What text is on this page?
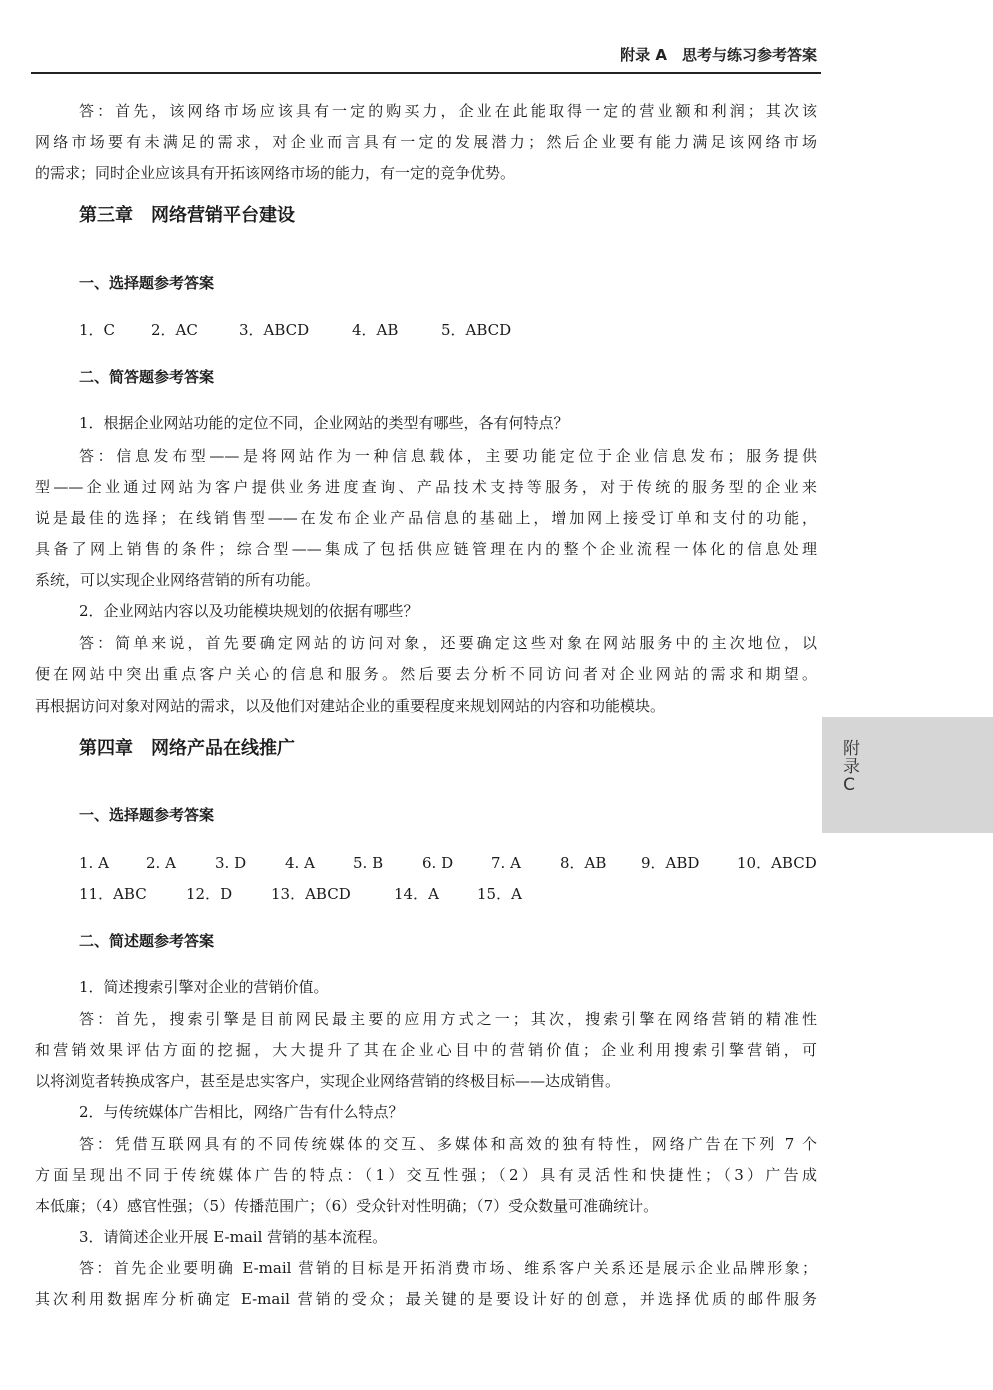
附录 A　思考与练习参考答案
答：首先，该网络市场应该具有一定的购买力，企业在此能取得一定的营业额和利润；其次该
网络市场要有未满足的需求，对企业而言具有一定的发展潜力；然后企业要有能力满足该网络市场
的需求；同时企业应该具有开拓该网络市场的能力，有一定的竞争优势。
第三章　网络营销平台建设
一、选择题参考答案
1．C 2．AC	3．ABCD	4．AB	5．ABCD
二、简答题参考答案
1．根据企业网站功能的定位不同，企业网站的类型有哪些，各有何特点？
答：信息发布型——是将网站作为一种信息载体，主要功能定位于企业信息发布；服务提供
型——企业通过网站为客户提供业务进度查询、产品技术支持等服务，对于传统的服务型的企业来
说是最佳的选择；在线销售型——在发布企业产品信息的基础上，增加网上接受订单和支付的功能，
具备了网上销售的条件；综合型——集成了包括供应链管理在内的整个企业流程一体化的信息处理
系统，可以实现企业网络营销的所有功能。
2．企业网站内容以及功能模块规划的依据有哪些？
答：简单来说，首先要确定网站的访问对象，还要确定这些对象在网站服务中的主次地位，以
便在网站中突出重点客户关心的信息和服务。然后要去分析不同访问者对企业网站的需求和期望。
再根据访问对象对网站的需求，以及他们对建站企业的重要程度来规划网站的内容和功能模块。
第四章　网络产品在线推广
一、选择题参考答案
1. A 2. A	3. D	4. A	5. B	6. D	7. A	8．AB 9．ABD	10．ABCD
11．ABC	12．D	13．ABCD	14．A	15．A
二、简述题参考答案
1．简述搜索引擎对企业的营销价值。
答：首先，搜索引擎是目前网民最主要的应用方式之一；其次，搜索引擎在网络营销的精准性
和营销效果评估方面的挖掘，大大提升了其在企业心目中的营销价值；企业利用搜索引擎营销，可
以将浏览者转换成客户，甚至是忠实客户，实现企业网络营销的终极目标——达成销售。
2．与传统媒体广告相比，网络广告有什么特点？
答：凭借互联网具有的不同传统媒体的交互、多媒体和高效的独有特性，网络广告在下列 7 个
方面呈现出不同于传统媒体广告的特点：（1）交互性强；（2）具有灵活性和快捷性；（3）广告成
本低廉；（4）感官性强；（5）传播范围广；（6）受众针对性明确；（7）受众数量可准确统计。
3．请简述企业开展 E-mail 营销的基本流程。
答：首先企业要明确 E-mail 营销的目标是开拓消费市场、维系客户关系还是展示企业品牌形象；
其次利用数据库分析确定 E-mail 营销的受众；最关键的是要设计好的创意，并选择优质的邮件服务
附录C
